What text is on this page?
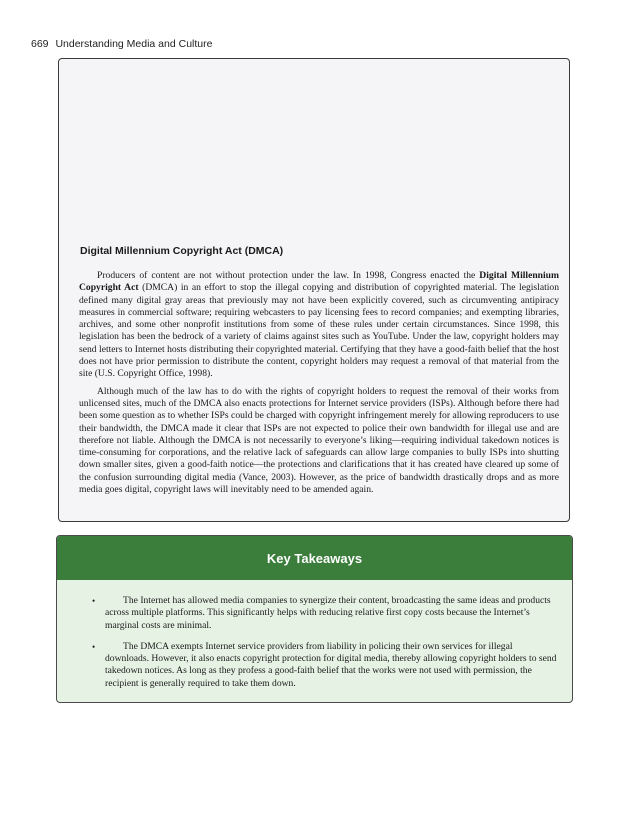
669 Understanding Media and Culture
Digital Millennium Copyright Act (DMCA)

Producers of content are not without protection under the law. In 1998, Congress enacted the Digital Millennium Copyright Act (DMCA) in an effort to stop the illegal copying and distribution of copyrighted material. The legislation defined many digital gray areas that previously may not have been explicitly covered, such as circumventing antipiracy measures in commercial software; requiring webcasters to pay licensing fees to record companies; and exempting libraries, archives, and some other nonprofit institutions from some of these rules under certain circumstances. Since 1998, this legislation has been the bedrock of a variety of claims against sites such as YouTube. Under the law, copyright holders may send letters to Internet hosts distributing their copyrighted material. Certifying that they have a good-faith belief that the host does not have prior permission to distribute the content, copyright holders may request a removal of that material from the site (U.S. Copyright Office, 1998).

Although much of the law has to do with the rights of copyright holders to request the removal of their works from unlicensed sites, much of the DMCA also enacts protections for Internet service providers (ISPs). Although before there had been some question as to whether ISPs could be charged with copyright infringement merely for allowing reproducers to use their bandwidth, the DMCA made it clear that ISPs are not expected to police their own bandwidth for illegal use and are therefore not liable. Although the DMCA is not necessarily to everyone’s liking—requiring individual takedown notices is time-consuming for corporations, and the relative lack of safeguards can allow large companies to bully ISPs into shutting down smaller sites, given a good-faith notice—the protections and clarifications that it has created have cleared up some of the confusion surrounding digital media (Vance, 2003). However, as the price of bandwidth drastically drops and as more media goes digital, copyright laws will inevitably need to be amended again.

Key Takeaways
•	The Internet has allowed media companies to synergize their content, broadcasting the same ideas and products across multiple platforms. This significantly helps with reducing relative first copy costs because the Internet’s marginal costs are minimal.
•	The DMCA exempts Internet service providers from liability in policing their own services for illegal downloads. However, it also enacts copyright protection for digital media, thereby allowing copyright holders to send takedown notices. As long as they profess a good-faith belief that the works were not used with permission, the recipient is generally required to take them down.
